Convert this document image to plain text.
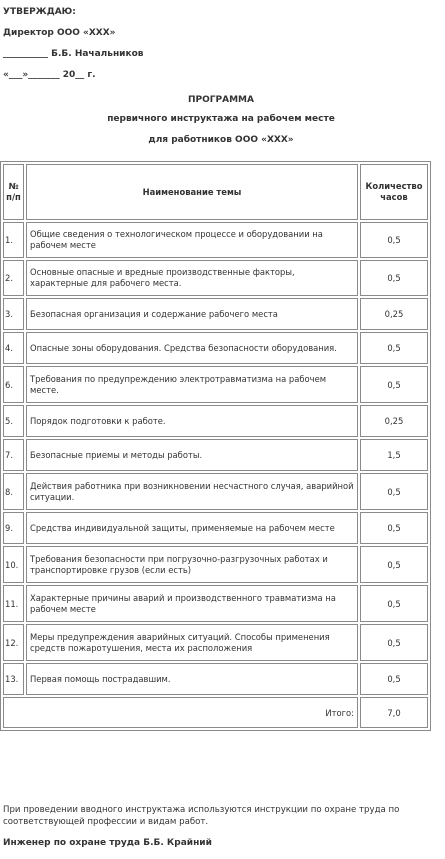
УТВЕРЖДАЮ:
Директор ООО «ХХХ»
__________ Б.Б. Начальников
«___»_______ 20__ г.
ПРОГРАММА
первичного инструктажа на рабочем месте
для работников ООО «ХХХ»
№ п/п	Наименование темы	Количество часов
1.	Общие сведения о технологическом процессе и оборудовании на рабочем месте	0,5
2.	Основные опасные и вредные производственные факторы, характерные для рабочего места.	0,5
3.	Безопасная организация и содержание рабочего места	0,25
4.	Опасные зоны оборудования. Средства безопасности оборудования.	0,5
6.	Требования по предупреждению электротравматизма на рабочем месте.	0,5
5.	Порядок подготовки к работе.	0,25
7.	Безопасные приемы и методы работы.	1,5
8.	Действия работника при возникновении несчастного случая, аварийной ситуации.	0,5
9.	Средства индивидуальной защиты, применяемые на рабочем месте	0,5
10.	Требования безопасности при погрузочно-разгрузочных работах и транспортировке грузов (если есть)	0,5
11.	Характерные причины аварий и производственного травматизма на рабочем месте	0,5
12.	Меры предупреждения аварийных ситуаций. Способы применения средств пожаротушения, места их расположения	0,5
13.	Первая помощь пострадавшим.	0,5
Итого:		7,0
При проведении вводного инструктажа используются инструкции по охране труда по соответствующей профессии и видам работ.
Инженер по охране труда Б.Б. Крайний
